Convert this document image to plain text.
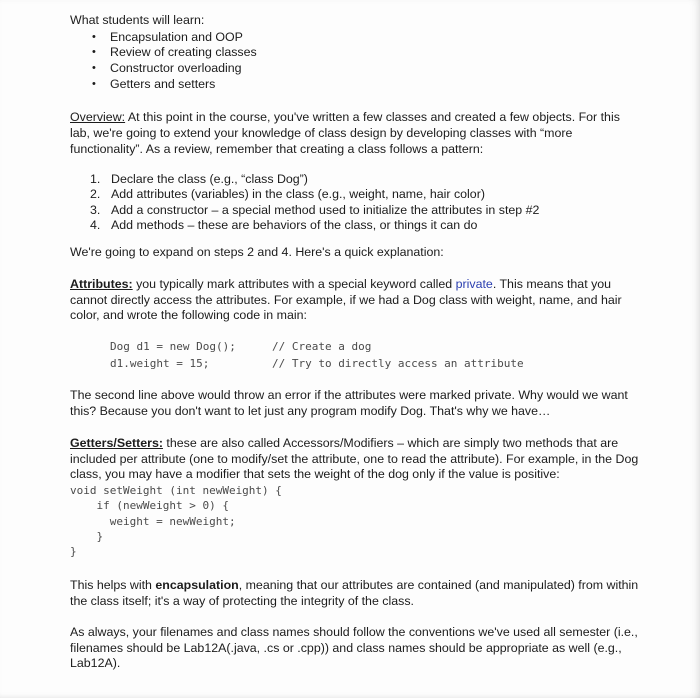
What students will learn:

• Encapsulation and OOP
• Review of creating classes
• Constructor overloading
• Getters and setters

Overview: At this point in the course, you've written a few classes and created a few objects. For this lab, we're going to extend your knowledge of class design by developing classes with “more functionality”. As a review, remember that creating a class follows a pattern:

1. Declare the class (e.g., “class Dog”)
2. Add attributes (variables) in the class (e.g., weight, name, hair color)
3. Add a constructor – a special method used to initialize the attributes in step #2
4. Add methods – these are behaviors of the class, or things it can do

We're going to expand on steps 2 and 4. Here's a quick explanation:

Attributes: you typically mark attributes with a special keyword called private. This means that you cannot directly access the attributes. For example, if we had a Dog class with weight, name, and hair color, and wrote the following code in main:

Dog d1 = new Dog();	// Create a dog
d1.weight = 15;	// Try to directly access an attribute

The second line above would throw an error if the attributes were marked private. Why would we want this? Because you don't want to let just any program modify Dog. That's why we have…

Getters/Setters: these are also called Accessors/Modifiers – which are simply two methods that are included per attribute (one to modify/set the attribute, one to read the attribute). For example, in the Dog class, you may have a modifier that sets the weight of the dog only if the value is positive:

void setWeight (int newWeight) {
if (newWeight > 0) {
weight = newWeight;
}
}

This helps with encapsulation, meaning that our attributes are contained (and manipulated) from within the class itself; it's a way of protecting the integrity of the class.

As always, your filenames and class names should follow the conventions we've used all semester (i.e., filenames should be Lab12A(.java, .cs or .cpp)) and class names should be appropriate as well (e.g., Lab12A).
